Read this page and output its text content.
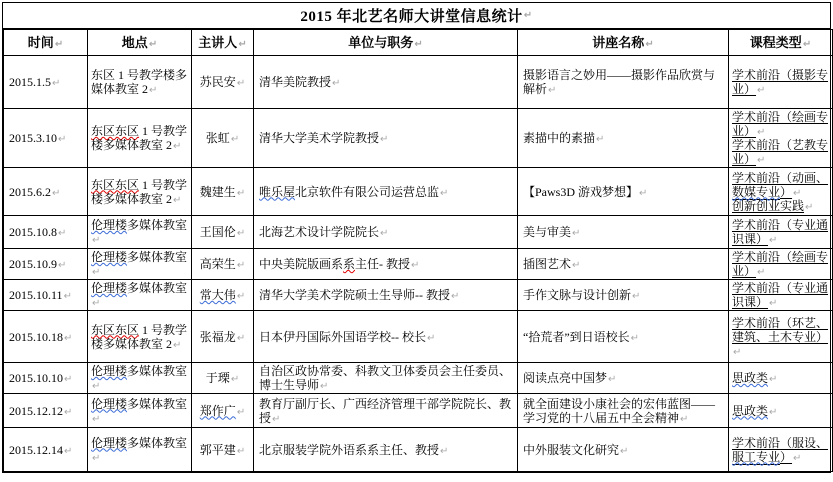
2015 年北艺名师大讲堂信息统计 ↵
时间↵	地点↵	主讲人↵	单位与职务↵	讲座名称↵	课程类型↵

2015.1.5↵	东区 1 号教学楼多媒体教室 2↵	苏民安↵	清华美院教授↵	摄影语言之妙用——摄影作品欣赏与解析↵	学术前沿（摄影专业）↵

2015.3.10↵	东区东区 1 号教学楼多媒体教室 2↵	张虹↵	清华大学美术学院教授↵	素描中的素描↵	学术前沿（绘画专业）↵
学术前沿（艺教专业）↵

2015.6.2↵	东区东区 1 号教学楼多媒体教室 2↵	魏建生↵	唯乐屋北京软件有限公司运营总监↵	【Paws3D 游戏梦想】↵	学术前沿（动画、数媒专业）↵
创新创业实践↵

2015.10.8↵	伦理楼多媒体教室↵	王国伦↵	北海艺术设计学院院长↵	美与审美↵	学术前沿（专业通识课）↵

2015.10.9↵	伦理楼多媒体教室↵	高荣生↵	中央美院版画系系主任- 教授↵	插图艺术↵	学术前沿（绘画专业）↵

2015.10.11↵	伦理楼多媒体教室↵	常大伟↵	清华大学美术学院硕士生导师-- 教授↵	手作文脉与设计创新↵	学术前沿（专业通识课）↵

2015.10.18↵	东区东区 1 号教学楼多媒体教室 2↵	张福龙↵	日本伊丹国际外国语学校-- 校长↵	“拾荒者”到日语校长↵	学术前沿（环艺、建筑、土木专业）↵

2015.10.10↵	伦理楼多媒体教室↵	于瑮↵	自治区政协常委、科教文卫体委员会主任委员、博士生导师↵	阅读点亮中国梦↵	思政类↵

2015.12.12↵	伦理楼多媒体教室↵	郑作广↵	教育厅副厅长、广西经济管理干部学院院长、教授↵	就全面建设小康社会的宏伟蓝图——学习党的十八届五中全会精神↵	思政类↵

2015.12.14↵	伦理楼多媒体教室↵	郭平建↵	北京服装学院外语系系主任、教授↵	中外服装文化研究↵	学术前沿（服设、服工专业）↵
